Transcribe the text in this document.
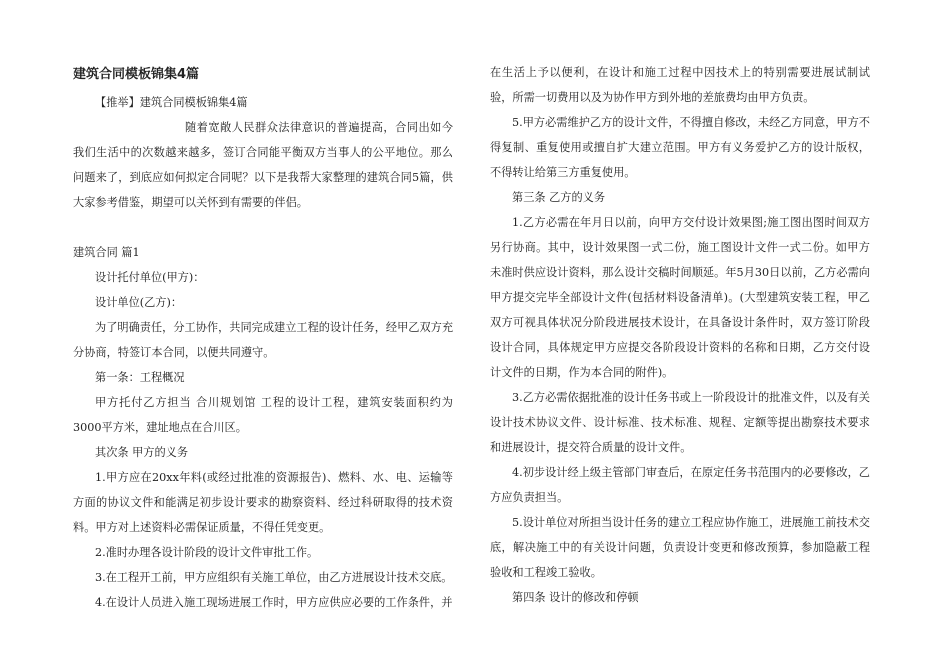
建筑合同模板锦集4篇

【推举】建筑合同模板锦集4篇

随着宽敞人民群众法律意识的普遍提高，合同出如今我们生活中的次数越来越多，签订合同能平衡双方当事人的公平地位。那么问题来了，到底应如何拟定合同呢？以下是我帮大家整理的建筑合同5篇，供大家参考借鉴，期望可以关怀到有需要的伴侣。

建筑合同 篇1

设计托付单位(甲方)：

设计单位(乙方)：

为了明确责任，分工协作，共同完成建立工程的设计任务，经甲乙双方充分协商，特签订本合同，以便共同遵守。

第一条：工程概况

甲方托付乙方担当 合川规划馆 工程的设计工程，建筑安装面积约为3000平方米，建址地点在合川区。

其次条 甲方的义务

1.甲方应在20xx年料(或经过批准的资源报告)、燃料、水、电、运输等方面的协议文件和能满足初步设计要求的勘察资料、经过科研取得的技术资料。甲方对上述资料必需保证质量，不得任凭变更。

2.准时办理各设计阶段的设计文件审批工作。

3.在工程开工前，甲方应组织有关施工单位，由乙方进展设计技术交底。

4.在设计人员进入施工现场进展工作时，甲方应供应必要的工作条件，并

在生活上予以便利，在设计和施工过程中因技术上的特别需要进展试制试验，所需一切费用以及为协作甲方到外地的差旅费均由甲方负责。

5.甲方必需维护乙方的设计文件，不得擅自修改，未经乙方同意，甲方不得复制、重复使用或擅自扩大建立范围。甲方有义务爱护乙方的设计版权，不得转让给第三方重复使用。

第三条 乙方的义务

1.乙方必需在年月日以前，向甲方交付设计效果图;施工图出图时间双方另行协商。其中，设计效果图一式二份，施工图设计文件一式二份。如甲方未准时供应设计资料，那么设计交稿时间顺延。年5月30日以前，乙方必需向甲方提交完毕全部设计文件(包括材料设备清单)。(大型建筑安装工程，甲乙双方可视具体状况分阶段进展技术设计，在具备设计条件时，双方签订阶段设计合同，具体规定甲方应提交各阶段设计资料的名称和日期，乙方交付设计文件的日期，作为本合同的附件)。

3.乙方必需依据批准的设计任务书或上一阶段设计的批准文件，以及有关设计技术协议文件、设计标准、技术标准、规程、定额等提出勘察技术要求和进展设计，提交符合质量的设计文件。

4.初步设计经上级主管部门审查后，在原定任务书范围内的必要修改，乙方应负责担当。

5.设计单位对所担当设计任务的建立工程应协作施工，进展施工前技术交底，解决施工中的有关设计问题，负责设计变更和修改预算，参加隐蔽工程验收和工程竣工验收。

第四条 设计的修改和停顿
